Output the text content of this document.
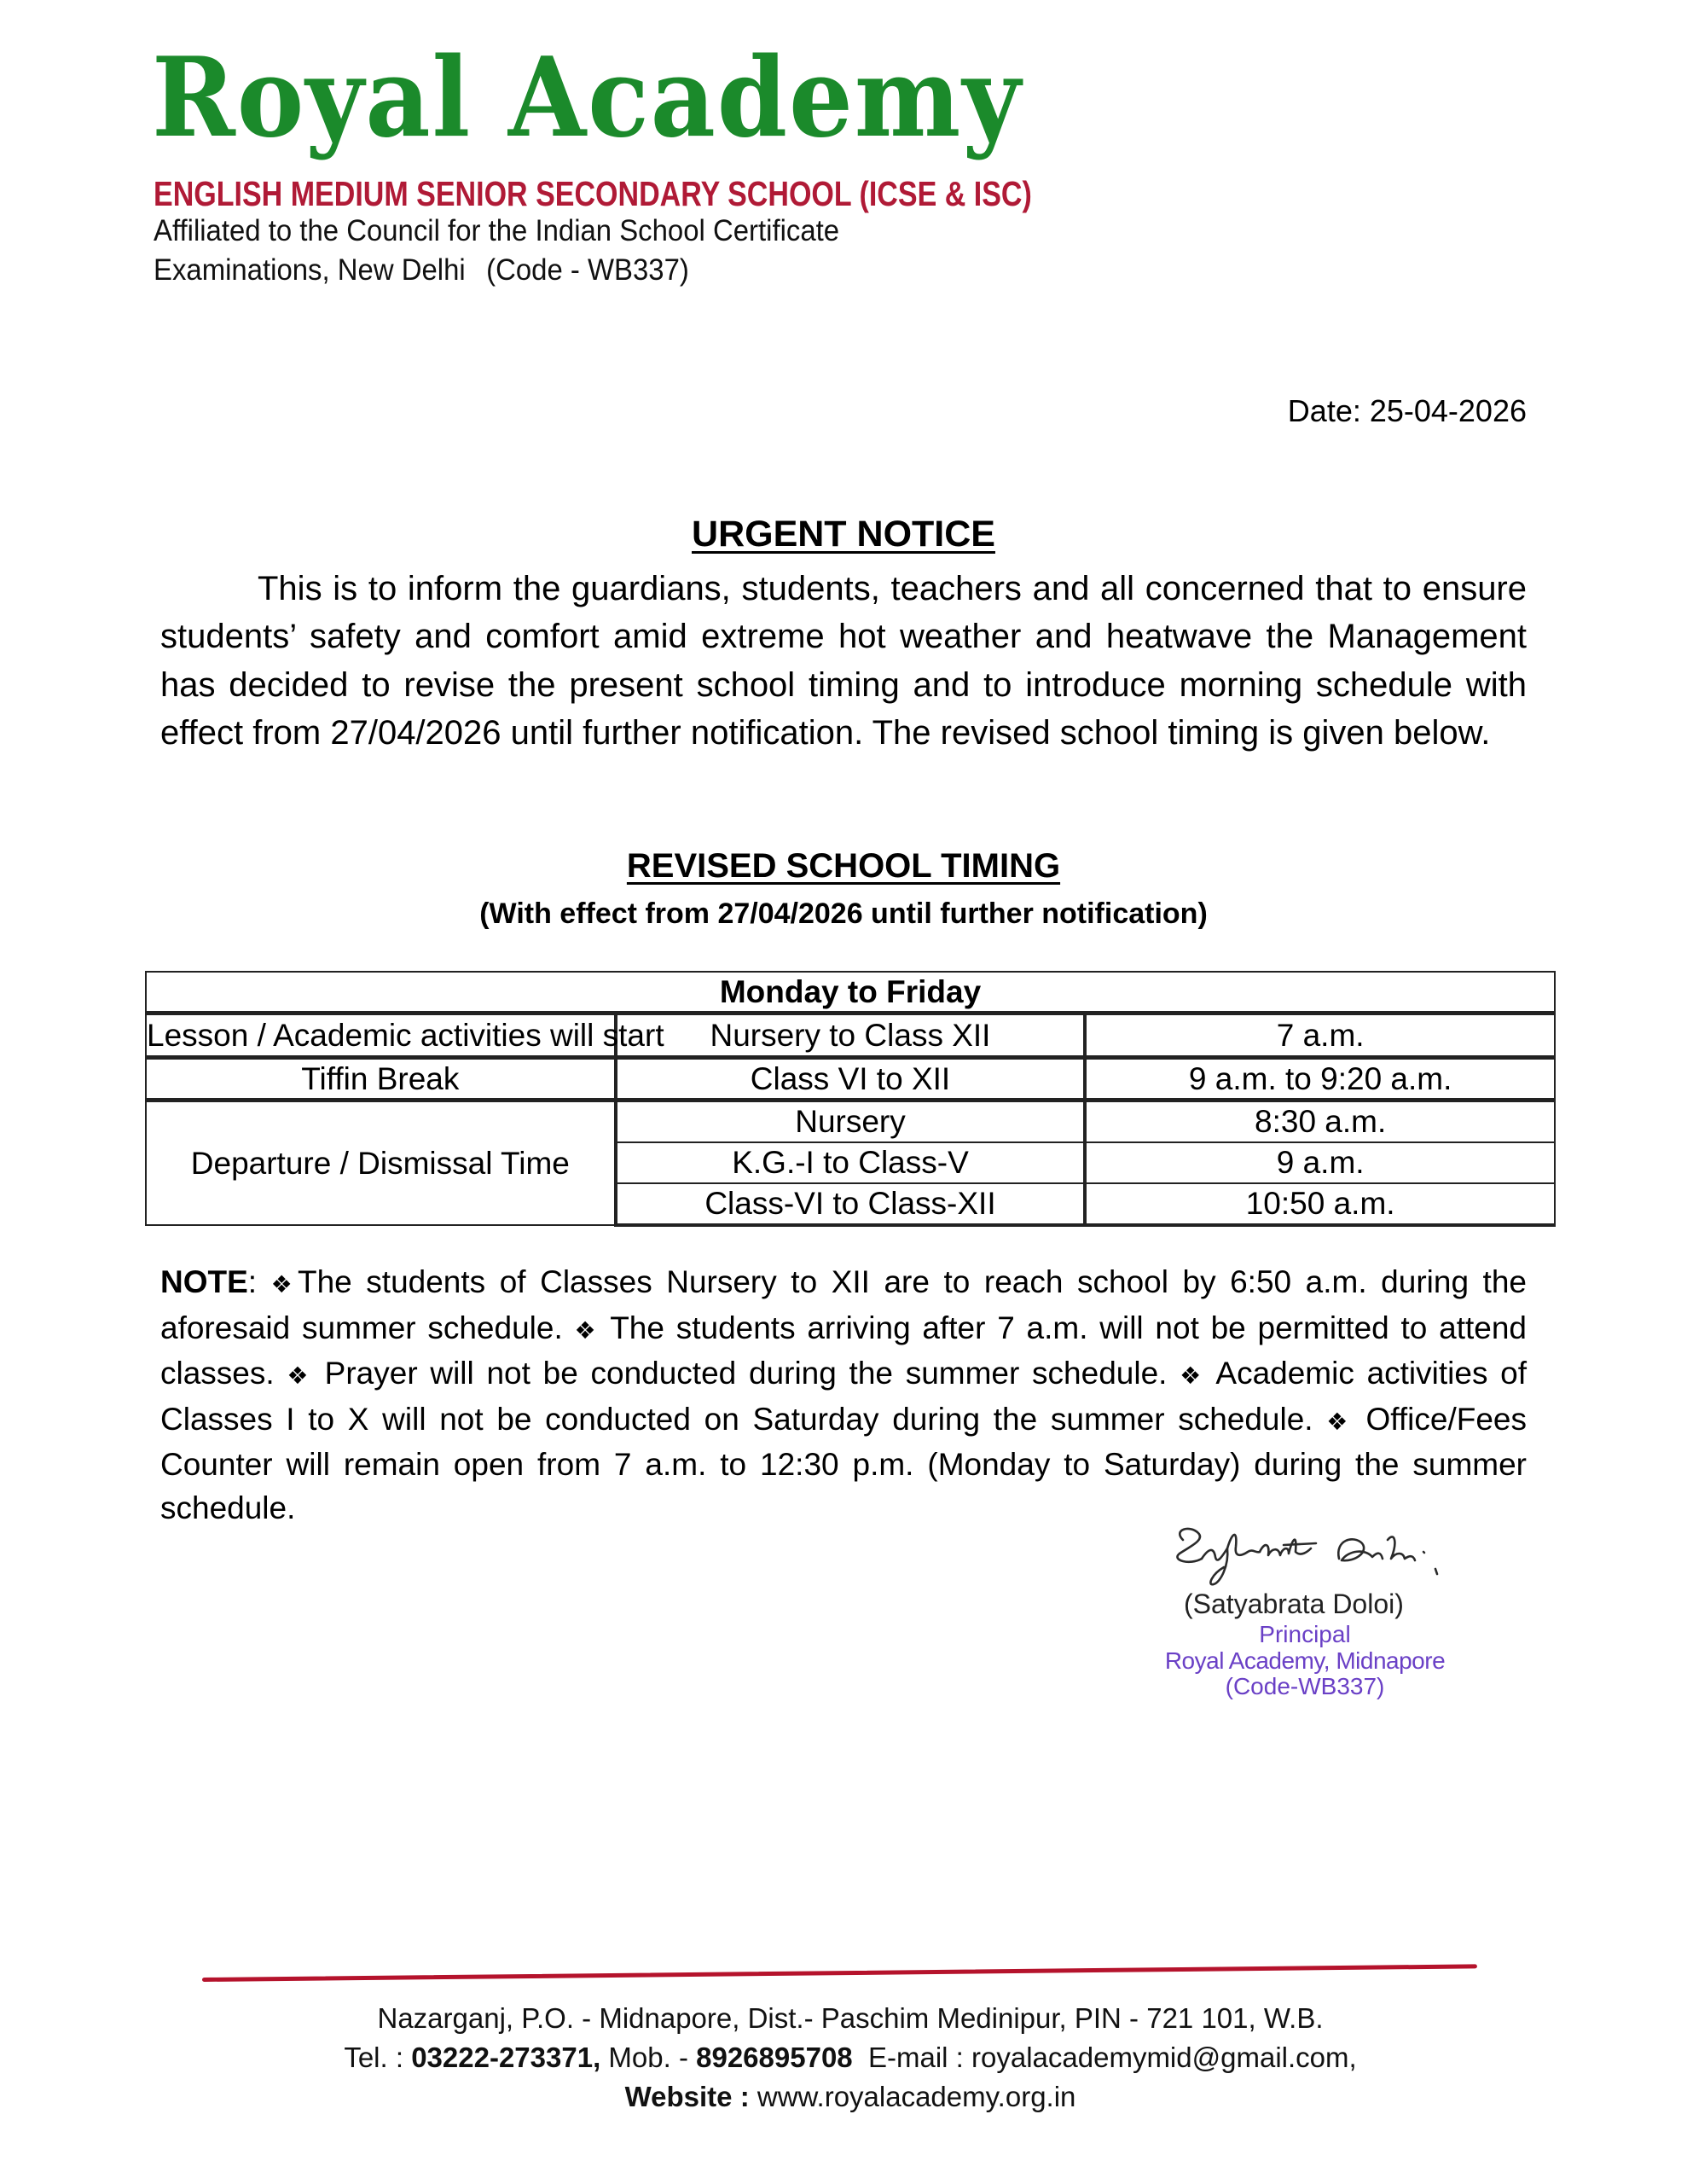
Royal Academy
ENGLISH MEDIUM SENIOR SECONDARY SCHOOL (ICSE & ISC)
Affiliated to the Council for the Indian School Certificate
Examinations, New Delhi (Code - WB337)
Date: 25-04-2026
URGENT NOTICE
This is to inform the guardians, students, teachers and all concerned that to ensure students’ safety and comfort amid extreme hot weather and heatwave the Management has decided to revise the present school timing and to introduce morning schedule with effect from 27/04/2026 until further notification. The revised school timing is given below.
REVISED SCHOOL TIMING
(With effect from 27/04/2026 until further notification)
Monday to Friday		
Lesson / Academic activities will start	Nursery to Class XII	7 a.m.
Tiffin Break	Class VI to XII	9 a.m. to 9:20 a.m.
Departure / Dismissal Time	Nursery	8:30 a.m.
	K.G.-I to Class-V	9 a.m.
	Class-VI to Class-XII	10:50 a.m.
NOTE: ❖The students of Classes Nursery to XII are to reach school by 6:50 a.m. during the aforesaid summer schedule. ❖ The students arriving after 7 a.m. will not be permitted to attend classes. ❖ Prayer will not be conducted during the summer schedule. ❖ Academic activities of Classes I to X will not be conducted on Saturday during the summer schedule. ❖ Office/Fees Counter will remain open from 7 a.m. to 12:30 p.m. (Monday to Saturday) during the summer schedule.
(Satyabrata Doloi)
Principal
Royal Academy, Midnapore
(Code-WB337)
Nazarganj, P.O. - Midnapore, Dist.- Paschim Medinipur, PIN - 721 101, W.B.
Tel. : 03222-273371, Mob. - 8926895708 E-mail : royalacademymid@gmail.com,
Website : www.royalacademy.org.in
